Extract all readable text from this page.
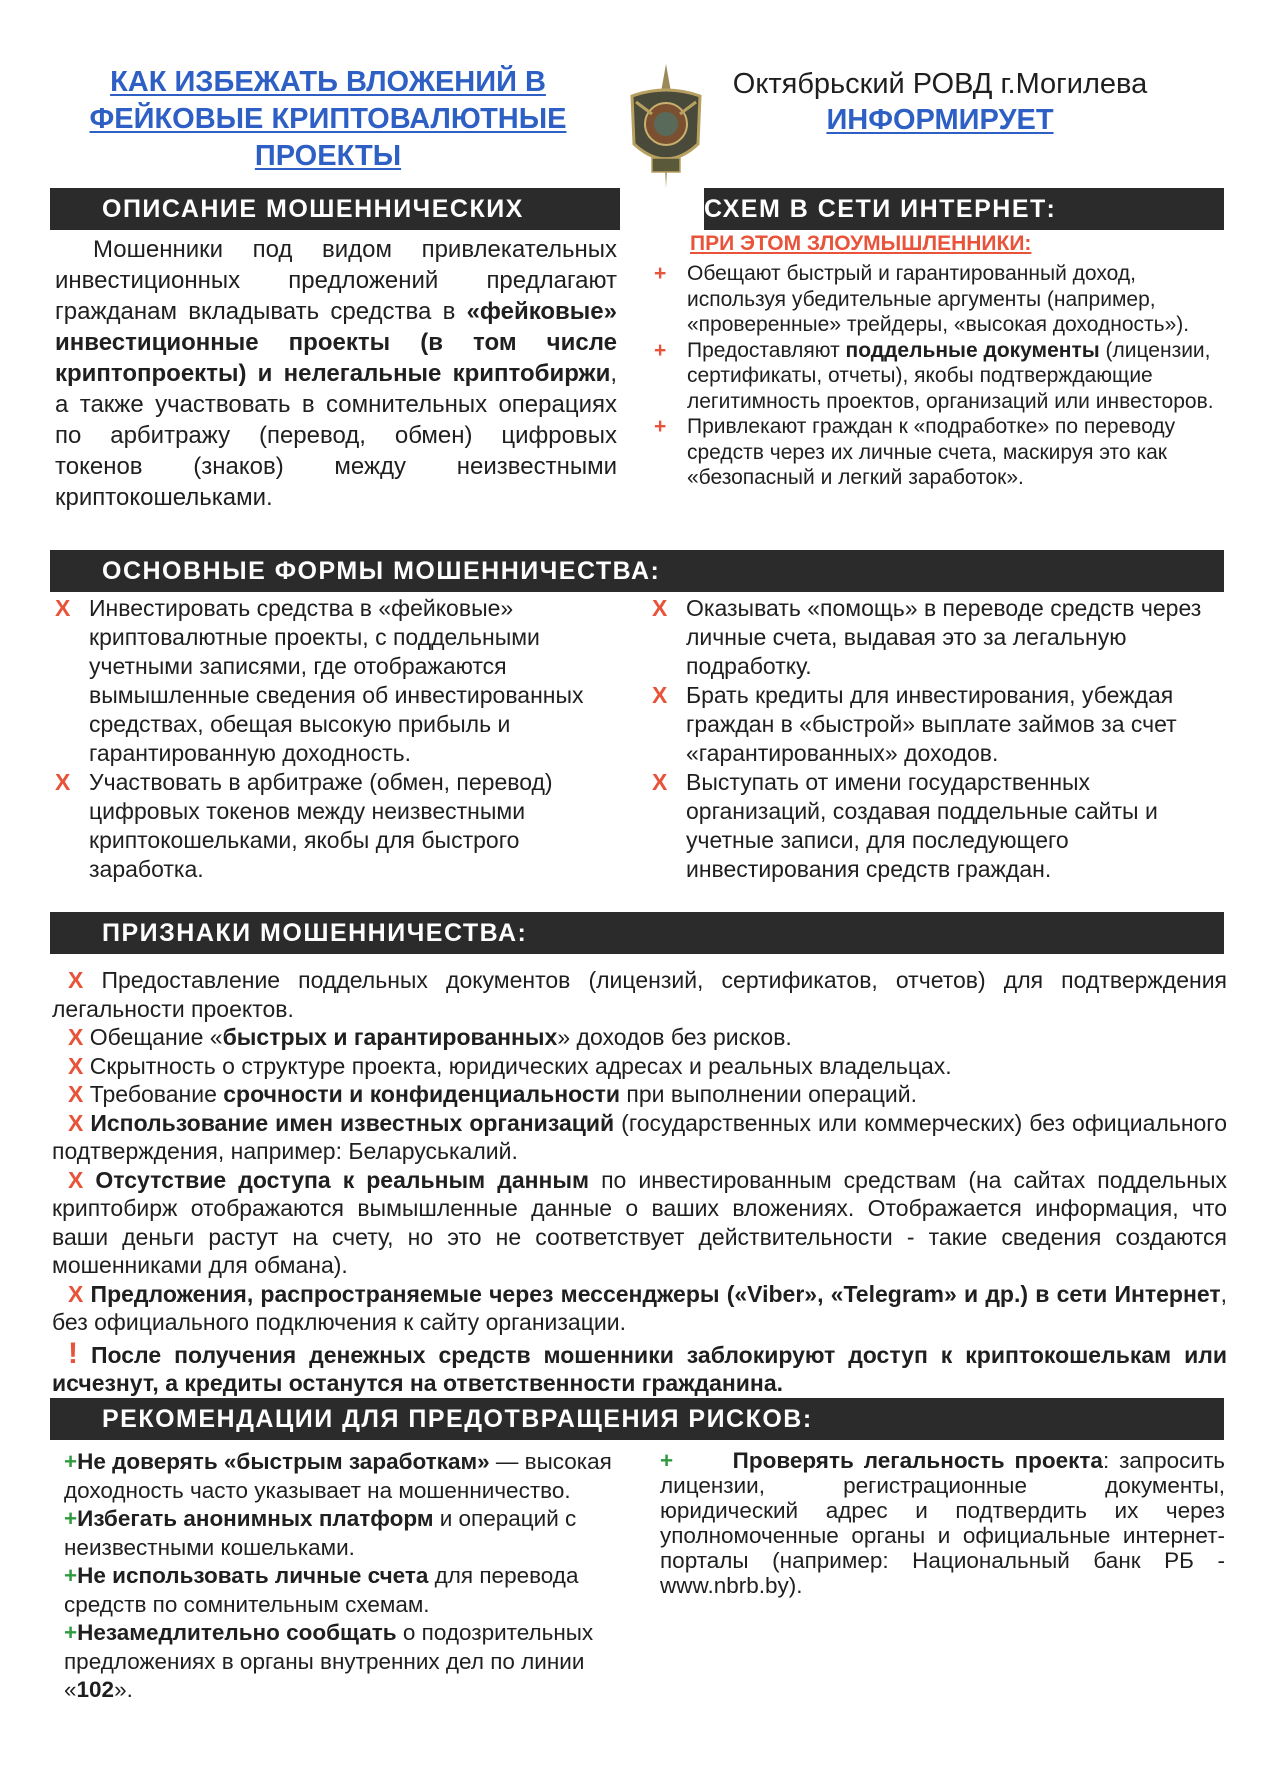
КАК ИЗБЕЖАТЬ ВЛОЖЕНИЙ В
ФЕЙКОВЫЕ КРИПТОВАЛЮТНЫЕ
ПРОЕКТЫ
Октябрьский РОВД г.Могилева
ИНФОРМИРУЕТ
ОПИСАНИЕ МОШЕННИЧЕСКИХ	СХЕМ В СЕТИ ИНТЕРНЕТ:

Мошенники под видом привлекательных инвестиционных предложений предлагают гражданам вкладывать средства в «фейковые» инвестиционные проекты (в том числе криптопроекты) и нелегальные криптобиржи, а также участвовать в сомнительных операциях по арбитражу (перевод, обмен) цифровых токенов (знаков) между неизвестными криптокошельками.

ПРИ ЭТОМ ЗЛОУМЫШЛЕННИКИ:

+ Обещают быстрый и гарантированный доход, используя убедительные аргументы (например, «проверенные» трейдеры, «высокая доходность»).

+ Предоставляют поддельные документы (лицензии, сертификаты, отчеты), якобы подтверждающие легитимность проектов, организаций или инвесторов.

+ Привлекают граждан к «подработке» по переводу средств через их личные счета, маскируя это как «безопасный и легкий заработок».

ОСНОВНЫЕ ФОРМЫ МОШЕННИЧЕСТВА:

X Инвестировать средства в «фейковые» криптовалютные проекты, с поддельными учетными записями, где отображаются вымышленные сведения об инвестированных средствах, обещая высокую прибыль и гарантированную доходность.

X Участвовать в арбитраже (обмен, перевод) цифровых токенов между неизвестными криптокошельками, якобы для быстрого заработка.

X Оказывать «помощь» в переводе средств через личные счета, выдавая это за легальную подработку.

X Брать кредиты для инвестирования, убеждая граждан в «быстрой» выплате займов за счет «гарантированных» доходов.

X Выступать от имени государственных организаций, создавая поддельные сайты и учетные записи, для последующего инвестирования средств граждан.

ПРИЗНАКИ МОШЕННИЧЕСТВА:

X Предоставление поддельных документов (лицензий, сертификатов, отчетов) для подтверждения легальности проектов.

X Обещание «быстрых и гарантированных» доходов без рисков.

X Скрытность о структуре проекта, юридических адресах и реальных владельцах.

X Требование срочности и конфиденциальности при выполнении операций.

X Использование имен известных организаций (государственных или коммерческих) без официального подтверждения, например: Беларуськалий.

X Отсутствие доступа к реальным данным по инвестированным средствам (на сайтах поддельных криптобирж отображаются вымышленные данные о ваших вложениях. Отображается информация, что ваши деньги растут на счету, но это не соответствует действительности - такие сведения создаются мошенниками для обмана).

X Предложения, распространяемые через мессенджеры («Viber», «Telegram» и др.) в сети Интернет, без официального подключения к сайту организации.

! После получения денежных средств мошенники заблокируют доступ к криптокошелькам или исчезнут, а кредиты останутся на ответственности гражданина.

РЕКОМЕНДАЦИИ ДЛЯ ПРЕДОТВРАЩЕНИЯ РИСКОВ:

+Не доверять «быстрым заработкам» — высокая доходность часто указывает на мошенничество.

+Избегать анонимных платформ и операций с неизвестными кошельками.

+Не использовать личные счета для перевода средств по сомнительным схемам.

+Незамедлительно сообщать о подозрительных предложениях в органы внутренних дел по линии «102».

+	Проверять легальность проекта: запросить лицензии, регистрационные документы, юридический адрес и подтвердить их через уполномоченные органы и официальные интернет-порталы (например: Национальный банк РБ - www.nbrb.by).
